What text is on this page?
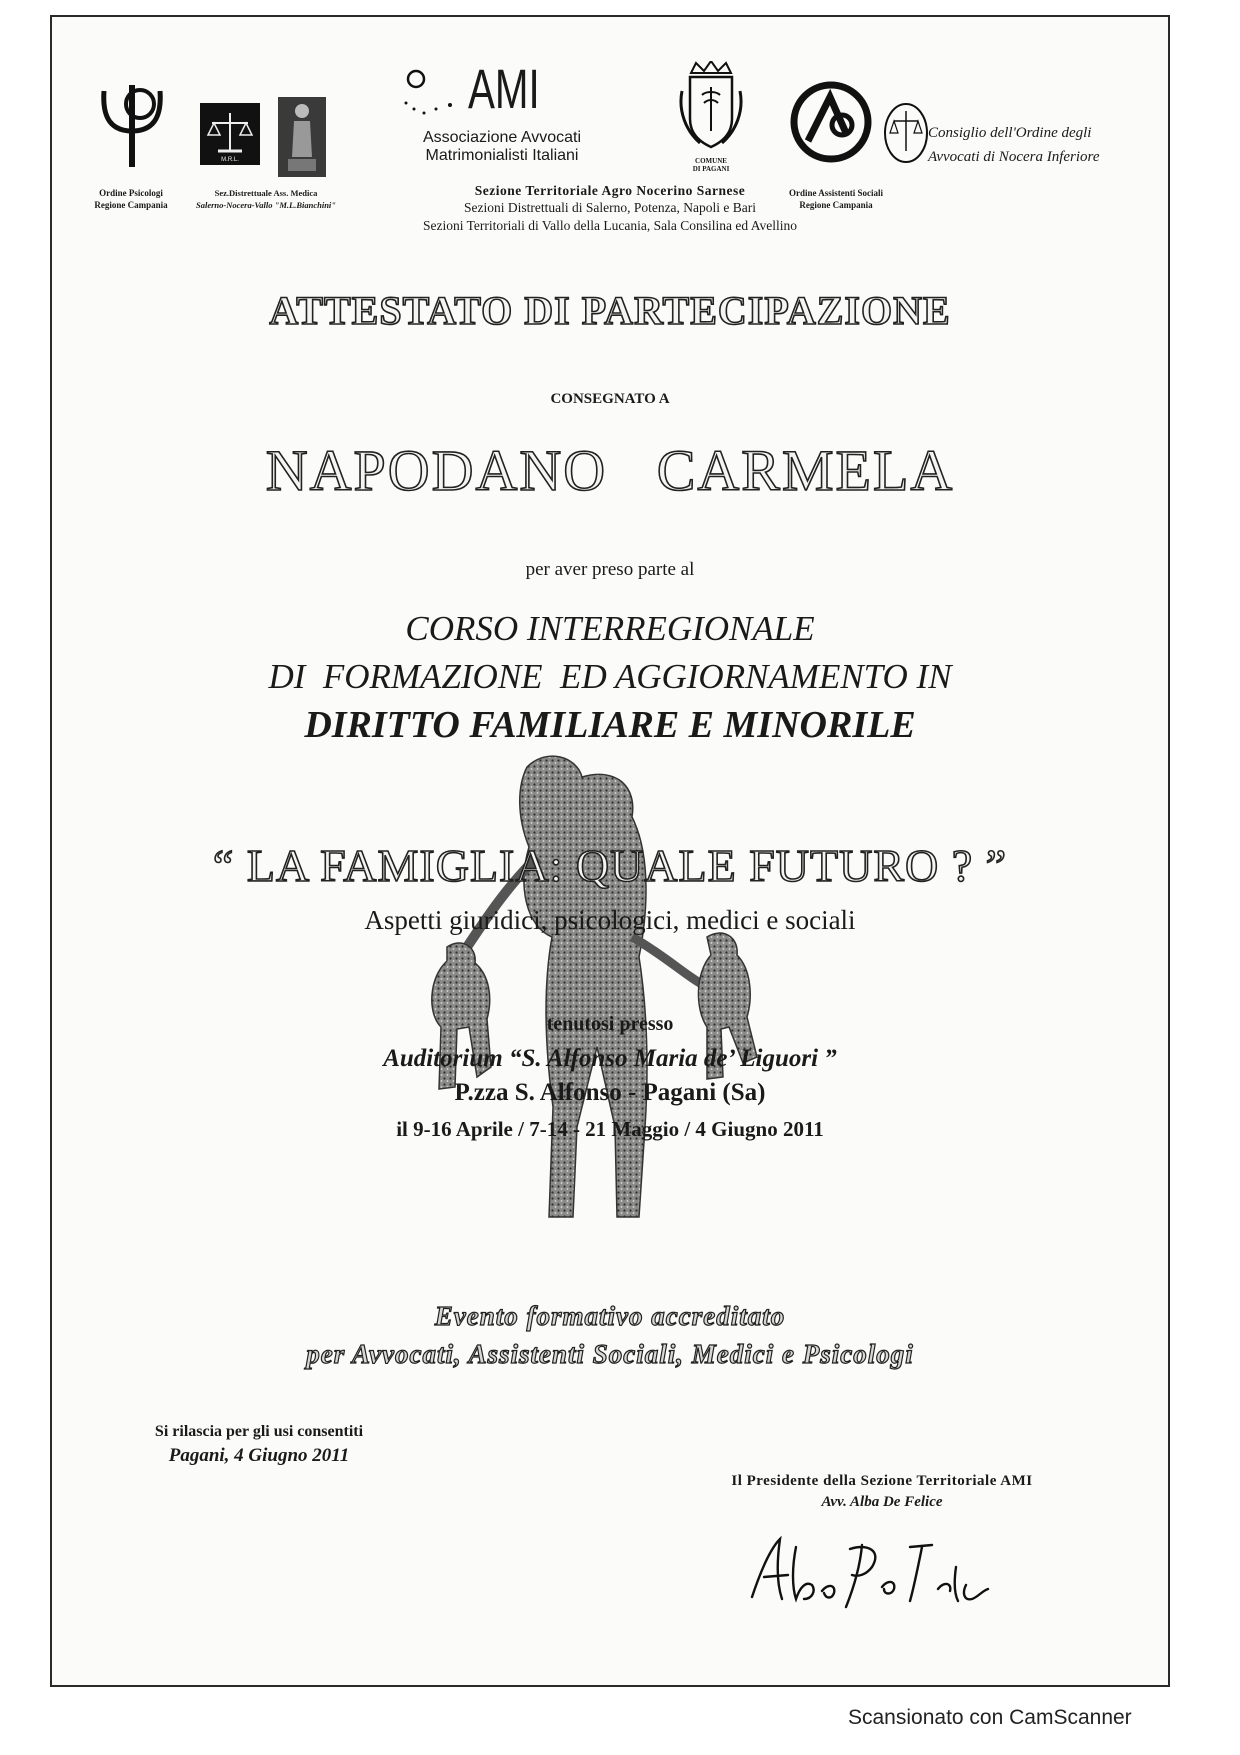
Ordine Psicologi
Regione Campania
M.R.L.
Sez.Distrettuale Ass. Medica
Salerno-Nocera-Vallo "M.L.Bianchini"
AMI
Associazione Avvocati
Matrimonialisti Italiani	COMUNE
DI PAGANI
Ordine Assistenti Sociali
Regione Campania
Consiglio dell'Ordine degli
Avvocati di Nocera Inferiore
Sezione Territoriale Agro Nocerino Sarnese
Sezioni Distrettuali di Salerno, Potenza, Napoli e Bari
Sezioni Territoriali di Vallo della Lucania, Sala Consilina ed Avellino
ATTESTATO DI PARTECIPAZIONE
CONSEGNATO A
NAPODANO   CARMELA
per aver preso parte al
CORSO INTERREGIONALE
DI  FORMAZIONE  ED AGGIORNAMENTO IN
DIRITTO FAMILIARE E MINORILE
“ LA FAMIGLIA: QUALE FUTURO ? ”
Aspetti giuridici, psicologici, medici e sociali
tenutosi presso
Auditorium “S. Alfonso Maria de’ Liguori ”
P.zza S. Alfonso - Pagani (Sa)
il 9-16 Aprile / 7-14 - 21 Maggio / 4 Giugno 2011
Evento formativo accreditato
per Avvocati, Assistenti Sociali, Medici e Psicologi
Si rilascia per gli usi consentiti
Pagani, 4 Giugno 2011
Il Presidente della Sezione Territoriale AMI
Avv. Alba De Felice
Scansionato con CamScanner
